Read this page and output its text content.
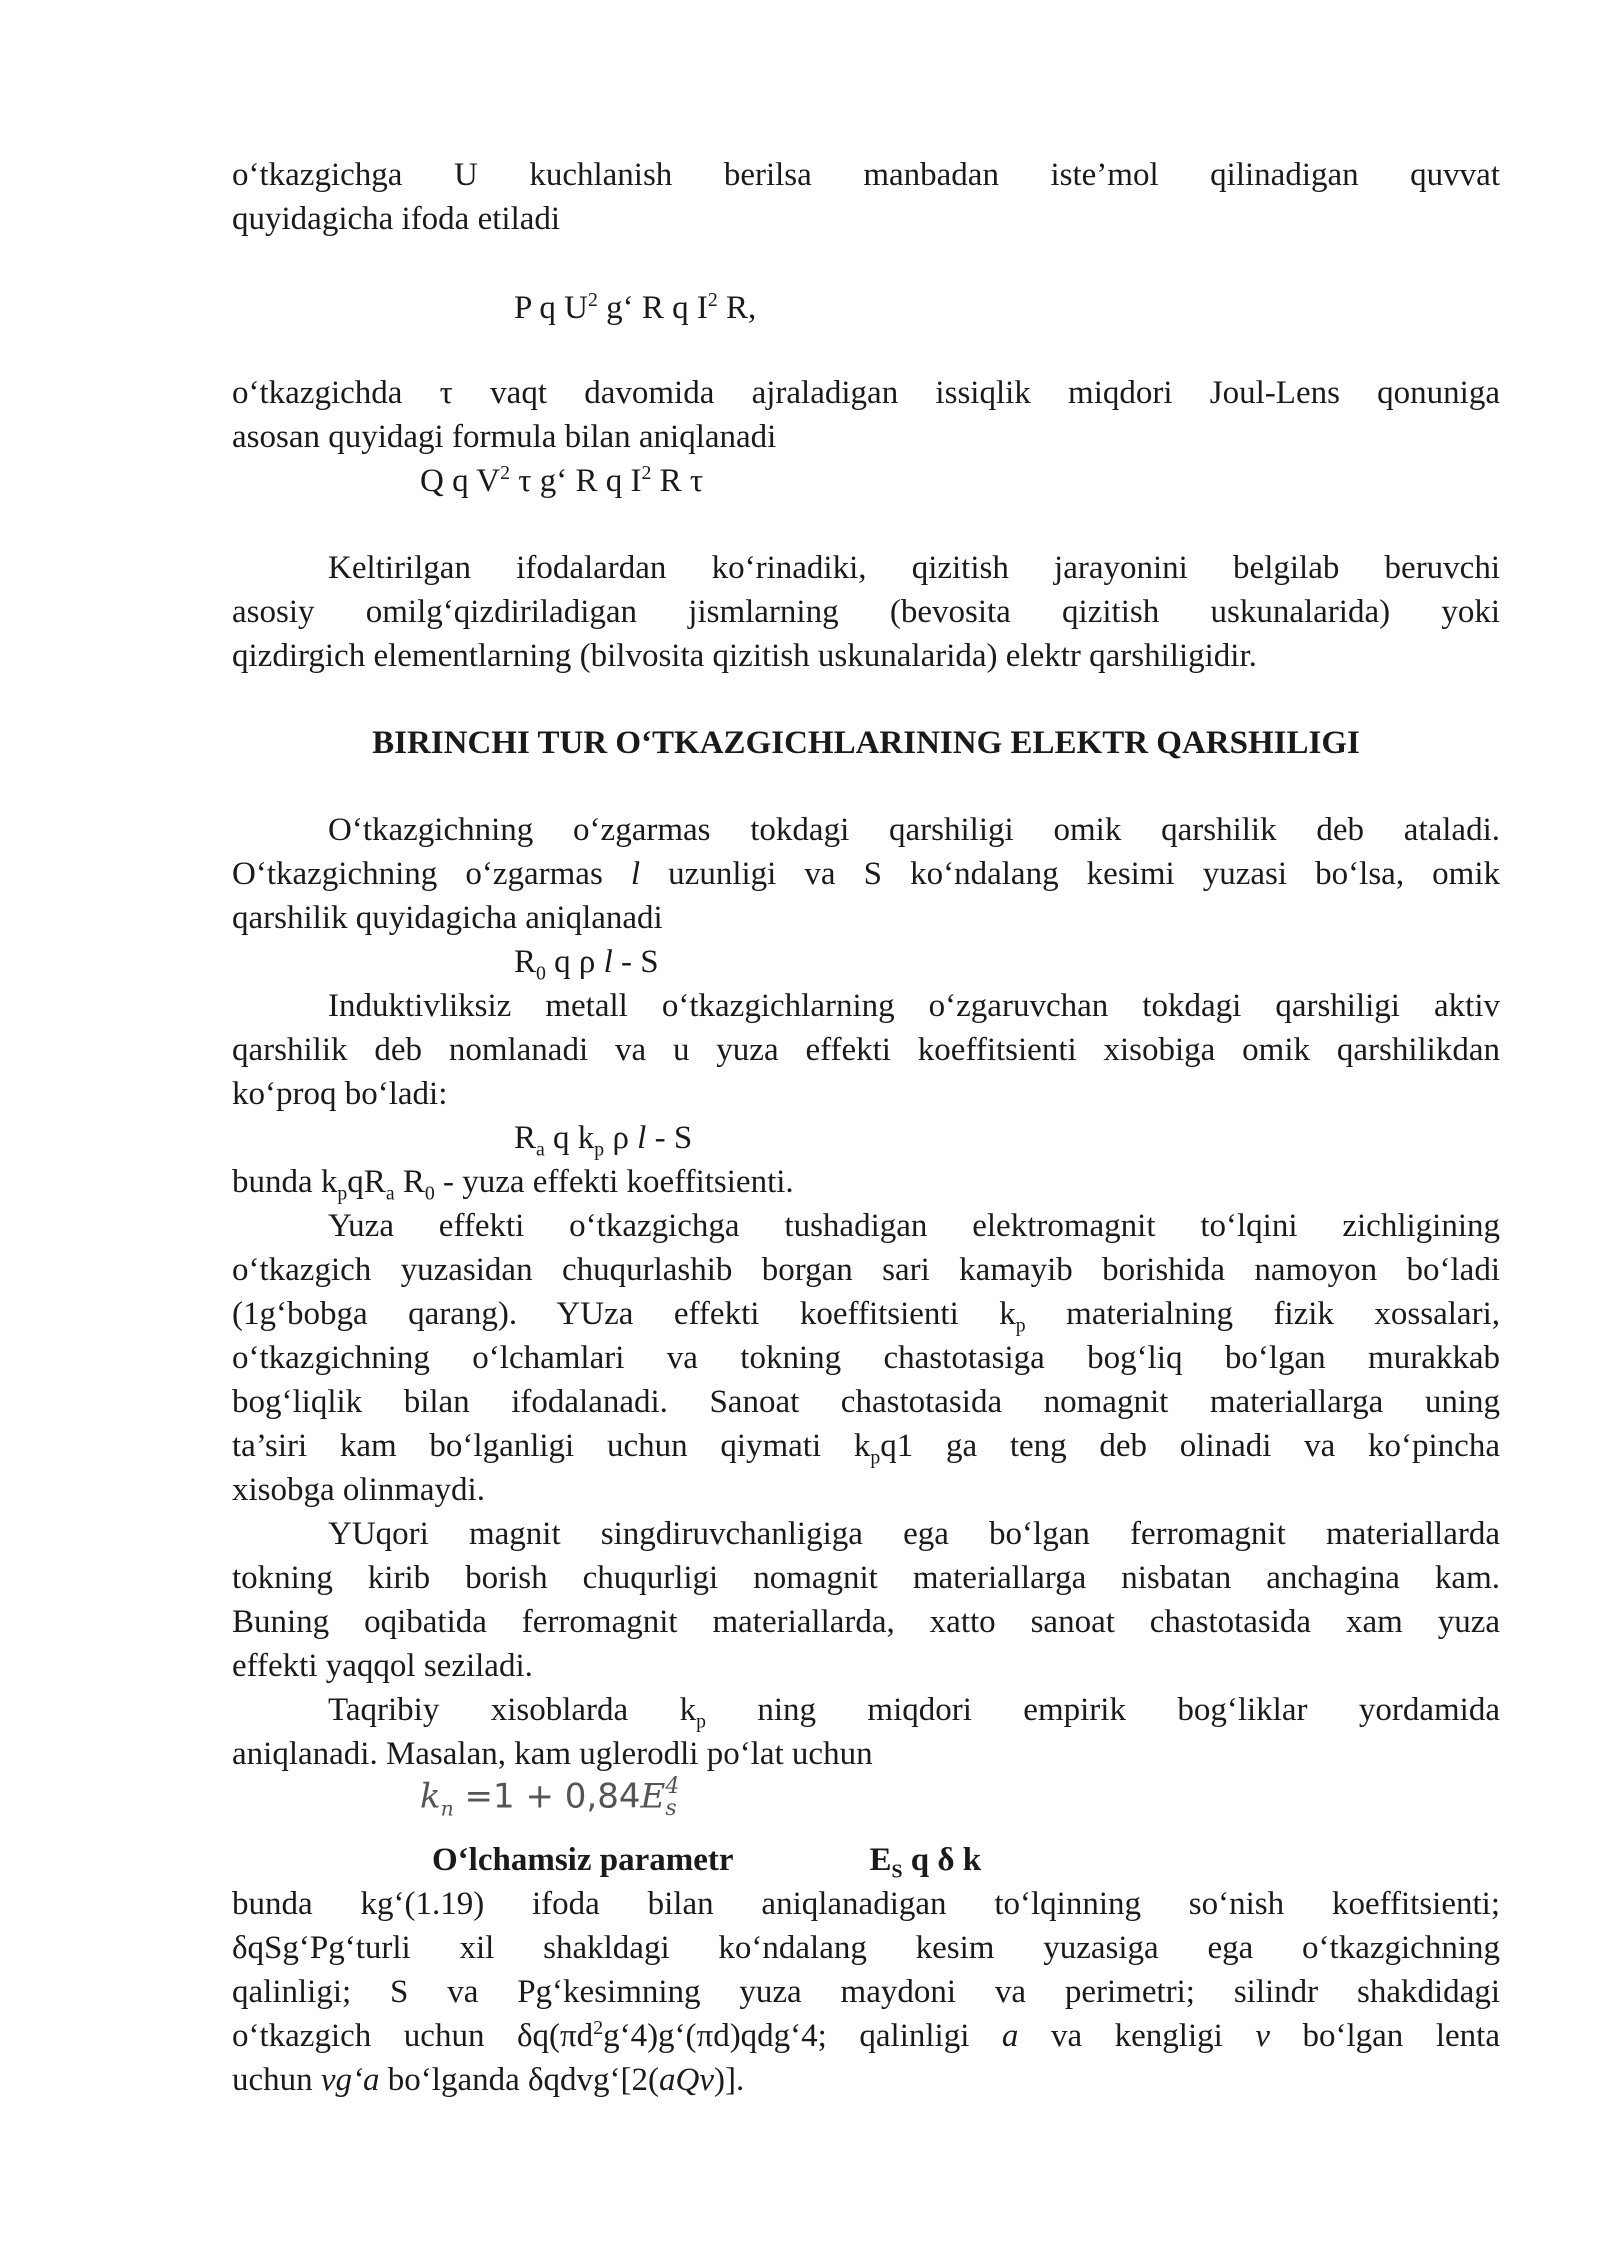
o‘tkazgichga U kuchlanish berilsa manbadan iste’mol qilinadigan quvvat
quyidagicha ifoda etiladi
P q $U^2$ g‘ R q $I^2$ R,
o‘tkazgichda τ vaqt davomida ajraladigan issiqlik miqdori Joul-Lens qonuniga
asosan quyidagi formula bilan aniqlanadi
Q q $V^2$ τ g‘ R q $I^2$ R τ
Keltirilgan ifodalardan ko‘rinadiki, qizitish jarayonini belgilab beruvchi
asosiy omilg‘qizdiriladigan jismlarning (bevosita qizitish uskunalarida) yoki
qizdirgich elementlarning (bilvosita qizitish uskunalarida) elektr qarshiligidir.
BIRINCHI TUR O‘TKAZGICHLARINING ELEKTR QARSHILIGI
O‘tkazgichning o‘zgarmas tokdagi qarshiligi omik qarshilik deb ataladi.
O‘tkazgichning o‘zgarmas l uzunligi va S ko‘ndalang kesimi yuzasi bo‘lsa, omik
qarshilik quyidagicha aniqlanadi
$R_0$ q ρ l - S
Induktivliksiz metall o‘tkazgichlarning o‘zgaruvchan tokdagi qarshiligi aktiv
qarshilik deb nomlanadi va u yuza effekti koeffitsienti xisobiga omik qarshilikdan
ko‘proq bo‘ladi:
$R_a$ q $k_p$ ρ l - S
bunda $k_pqR_a$ $R_0$ - yuza effekti koeffitsienti.
Yuza effekti o‘tkazgichga tushadigan elektromagnit to‘lqini zichligining
o‘tkazgich yuzasidan chuqurlashib borgan sari kamayib borishida namoyon bo‘ladi
(1g‘bobga qarang). YUza effekti koeffitsienti $k_p$ materialning fizik xossalari,
o‘tkazgichning o‘lchamlari va tokning chastotasiga bog‘liq bo‘lgan murakkab
bog‘liqlik bilan ifodalanadi. Sanoat chastotasida nomagnit materiallarga uning
ta’siri kam bo‘lganligi uchun qiymati $k_pq1$ ga teng deb olinadi va ko‘pincha
xisobga olinmaydi.
YUqori magnit singdiruvchanligiga ega bo‘lgan ferromagnit materiallarda
tokning kirib borish chuqurligi nomagnit materiallarga nisbatan anchagina kam.
Buning oqibatida ferromagnit materiallarda, xatto sanoat chastotasida xam yuza
effekti yaqqol seziladi.
Taqribiy xisoblarda $k_p$ ning miqdori empirik bog‘liklar yordamida
aniqlanadi. Masalan, kam uglerodli po‘lat uchun
$k_n =1 + 0,84E$ 4
s
O‘lchamsiz parametr	$E_S$ q δ k
bunda kg‘(1.19) ifoda bilan aniqlanadigan to‘lqinning so‘nish koeffitsienti;
δqSg‘Pg‘turli xil shakldagi ko‘ndalang kesim yuzasiga ega o‘tkazgichning
qalinligi; S va Pg‘kesimning yuza maydoni va perimetri; silindr shakdidagi
o‘tkazgich uchun $\delta q(\pi d^2g‘4)g‘(\pi d)qdg‘4$; qalinligi a va kengligi v bo‘lgan lenta
uchun vg‘a bo‘lganda δqdvg‘[2(aQv)].
